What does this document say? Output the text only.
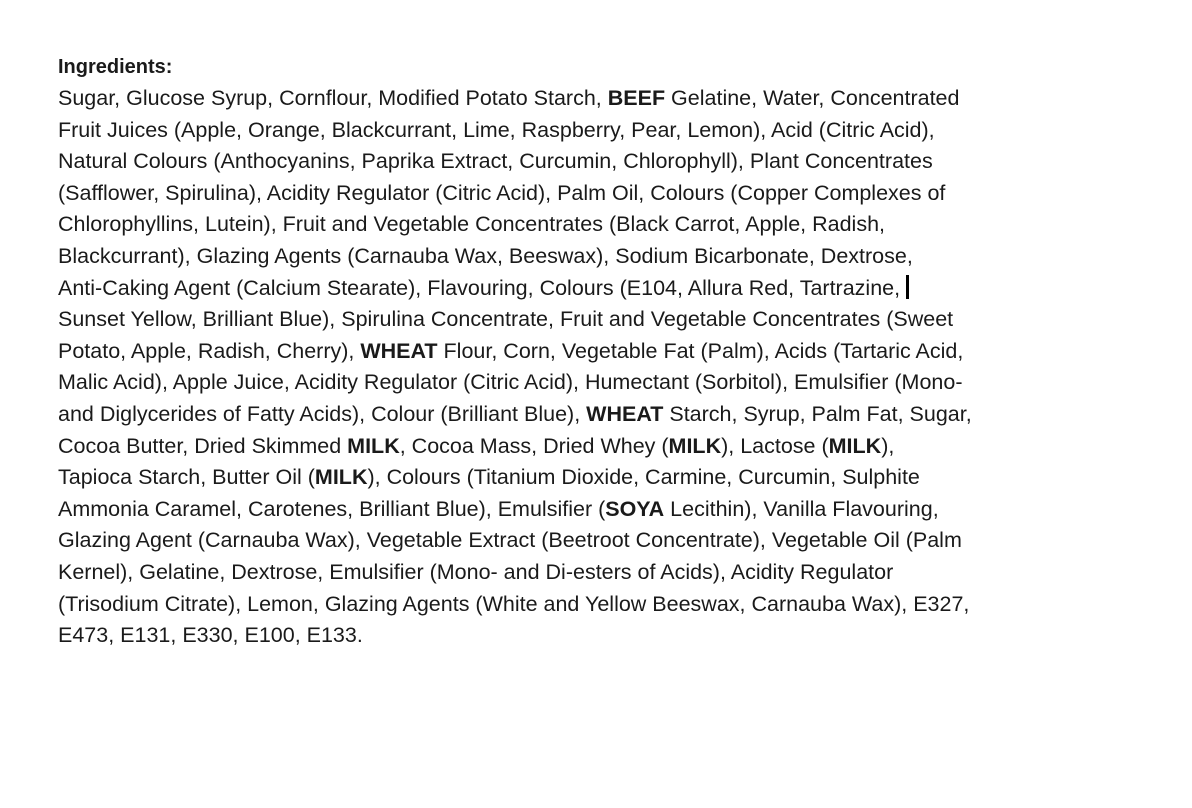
Ingredients:

Sugar, Glucose Syrup, Cornflour, Modified Potato Starch, BEEF Gelatine, Water, Concentrated

Fruit Juices (Apple, Orange, Blackcurrant, Lime, Raspberry, Pear, Lemon), Acid (Citric Acid),

Natural Colours (Anthocyanins, Paprika Extract, Curcumin, Chlorophyll), Plant Concentrates

(Safflower, Spirulina), Acidity Regulator (Citric Acid), Palm Oil, Colours (Copper Complexes of

Chlorophyllins, Lutein), Fruit and Vegetable Concentrates (Black Carrot, Apple, Radish,

Blackcurrant), Glazing Agents (Carnauba Wax, Beeswax), Sodium Bicarbonate, Dextrose,

Anti-Caking Agent (Calcium Stearate), Flavouring, Colours (E104, Allura Red, Tartrazine,

Sunset Yellow, Brilliant Blue), Spirulina Concentrate, Fruit and Vegetable Concentrates (Sweet

Potato, Apple, Radish, Cherry), WHEAT Flour, Corn, Vegetable Fat (Palm), Acids (Tartaric Acid,

Malic Acid), Apple Juice, Acidity Regulator (Citric Acid), Humectant (Sorbitol), Emulsifier (Mono-

and Diglycerides of Fatty Acids), Colour (Brilliant Blue), WHEAT Starch, Syrup, Palm Fat, Sugar,

Cocoa Butter, Dried Skimmed MILK, Cocoa Mass, Dried Whey (MILK), Lactose (MILK),

Tapioca Starch, Butter Oil (MILK), Colours (Titanium Dioxide, Carmine, Curcumin, Sulphite

Ammonia Caramel, Carotenes, Brilliant Blue), Emulsifier (SOYA Lecithin), Vanilla Flavouring,

Glazing Agent (Carnauba Wax), Vegetable Extract (Beetroot Concentrate), Vegetable Oil (Palm

Kernel), Gelatine, Dextrose, Emulsifier (Mono- and Di-esters of Acids), Acidity Regulator

(Trisodium Citrate), Lemon, Glazing Agents (White and Yellow Beeswax, Carnauba Wax), E327,

E473, E131, E330, E100, E133.
